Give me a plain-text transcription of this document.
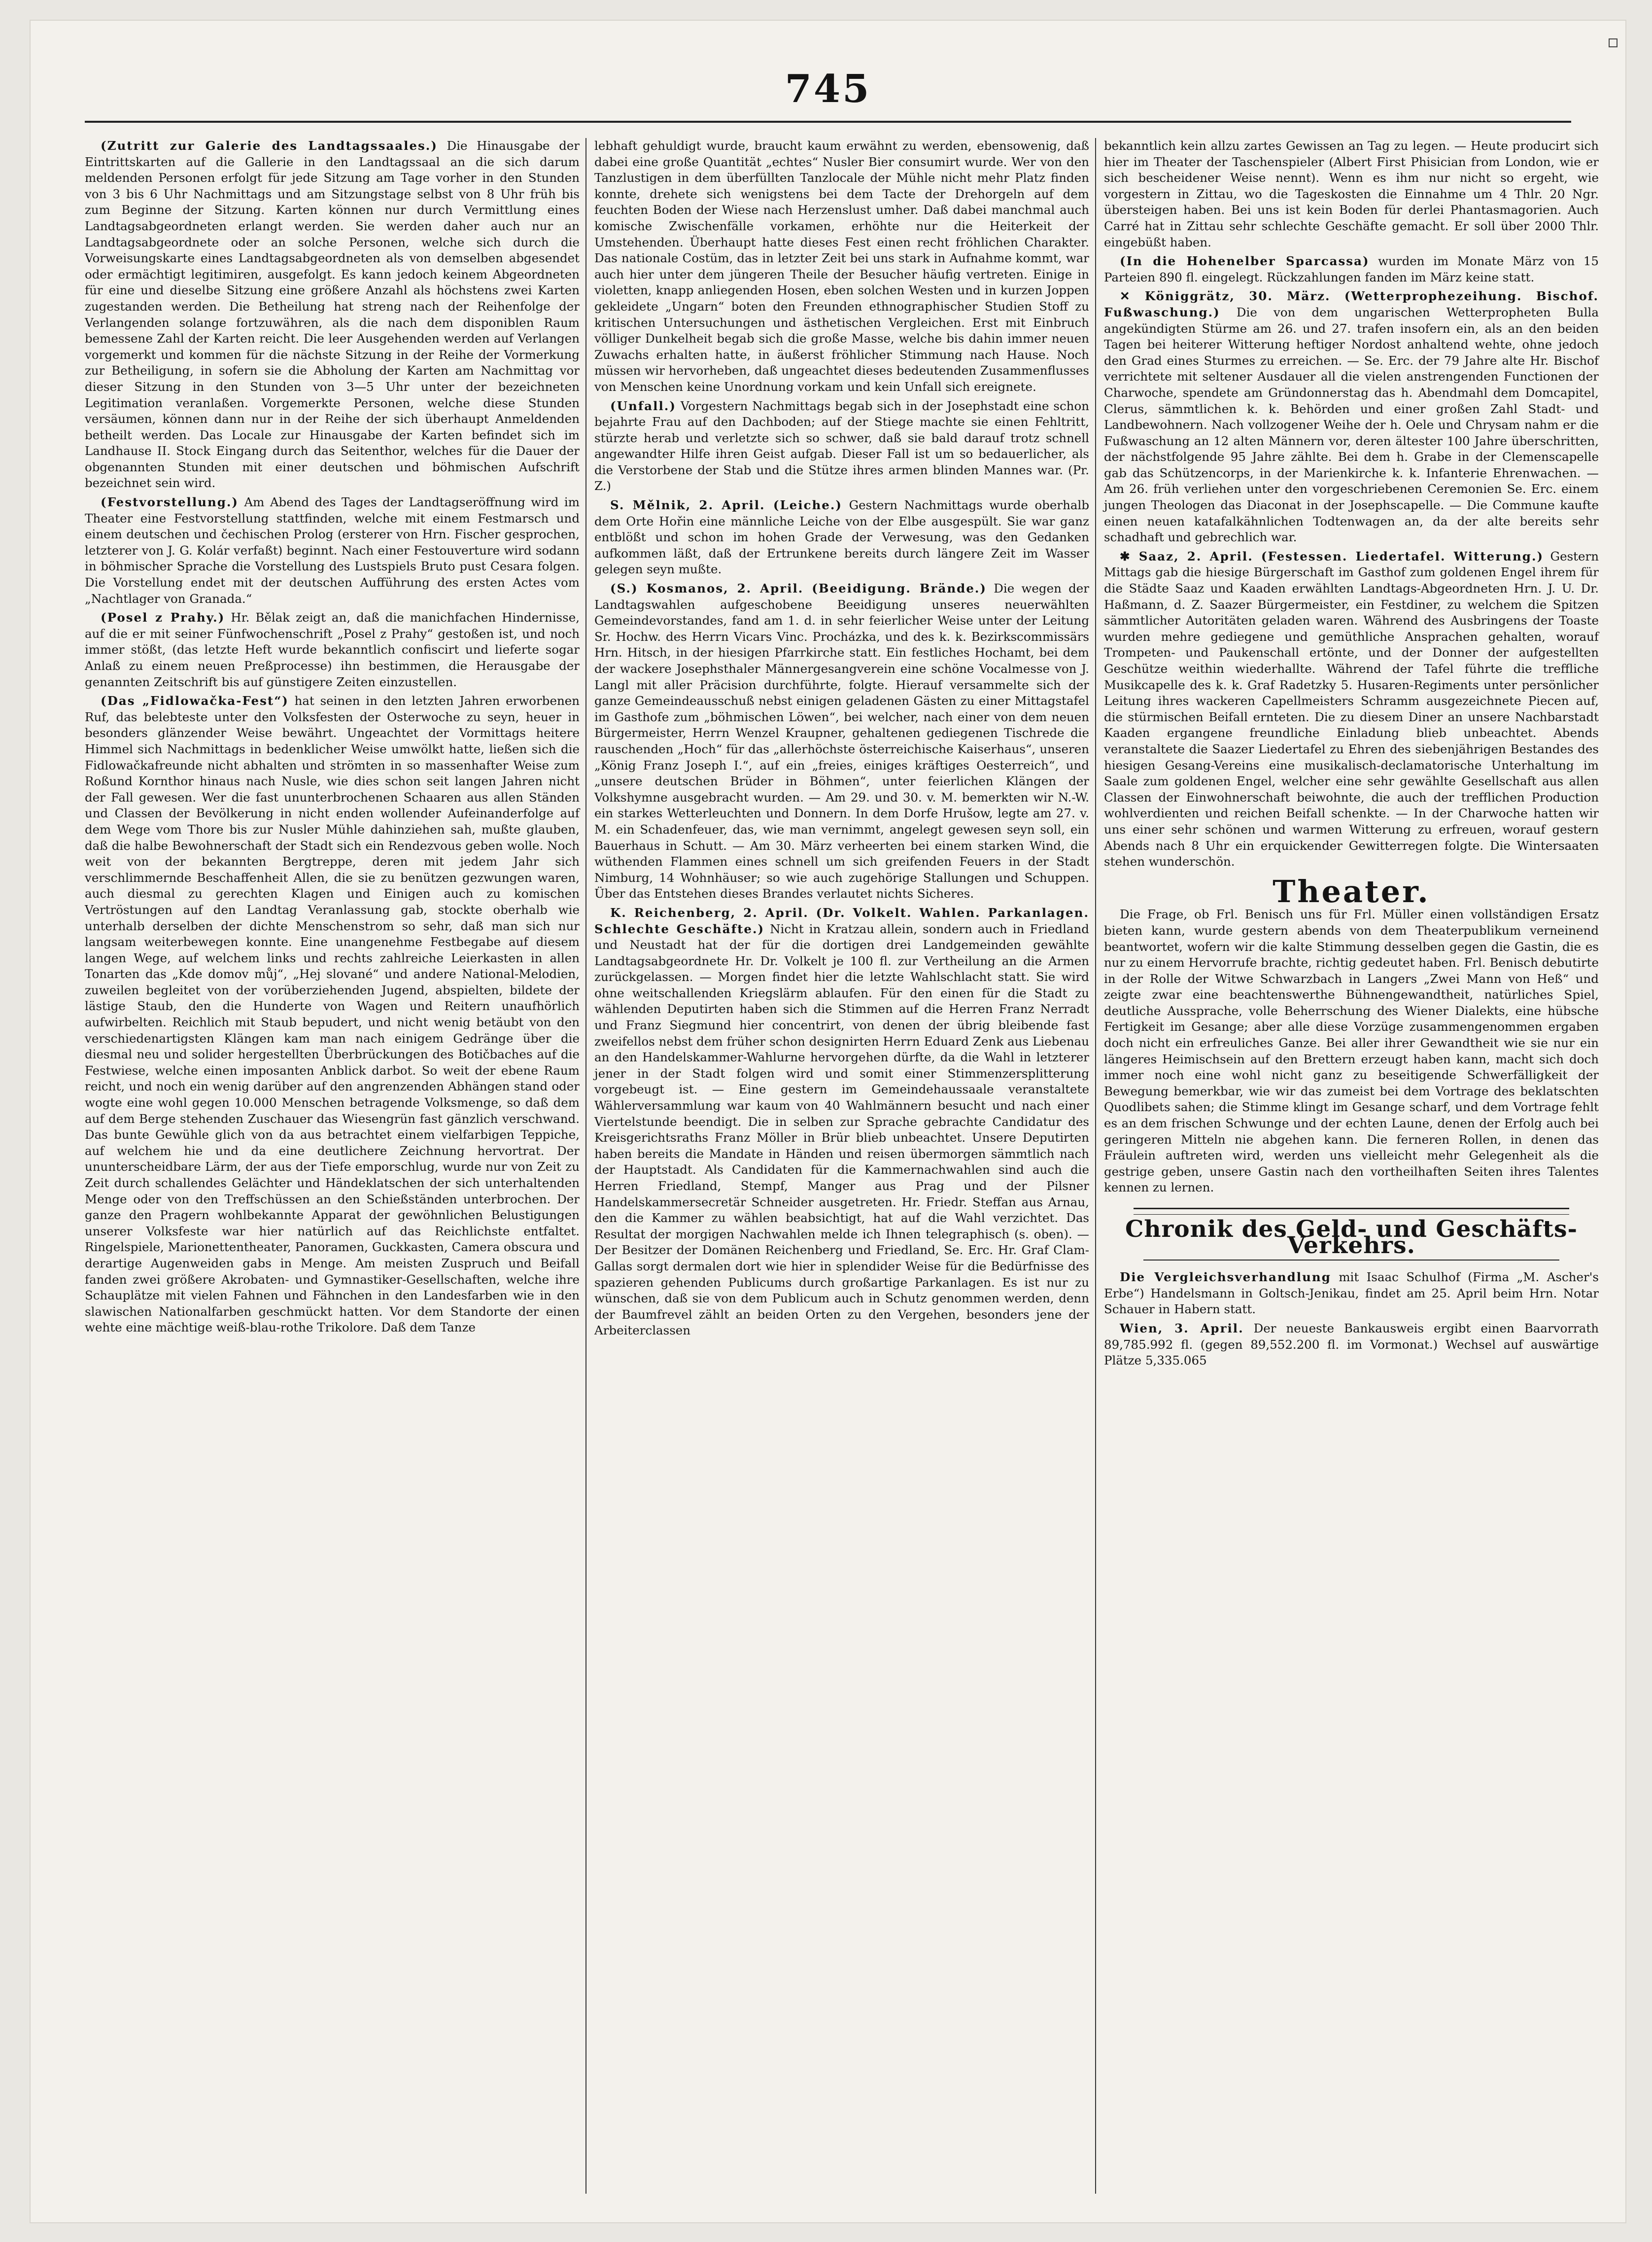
745

(Zutritt zur Galerie des Landtagssaales.) Die Hinausgabe der Eintrittskarten auf die Gallerie in den Landtagssaal an die sich darum meldenden Personen erfolgt für jede Sitzung am Tage vorher in den Stunden von 3 bis 6 Uhr Nachmittags und am Sitzungstage selbst von 8 Uhr früh bis zum Beginne der Sitzung. Karten können nur durch Vermittlung eines Landtagsabgeordneten erlangt werden. Sie werden daher auch nur an Landtagsabgeordnete oder an solche Personen, welche sich durch die Vorweisungskarte eines Landtagsabgeordneten als von demselben abgesendet oder ermächtigt legitimiren, ausgefolgt. Es kann jedoch keinem Abgeordneten für eine und dieselbe Sitzung eine größere Anzahl als höchstens zwei Karten zugestanden werden. Die Betheilung hat streng nach der Reihenfolge der Verlangenden solange fortzuwähren, als die nach dem disponiblen Raum bemessene Zahl der Karten reicht. Die leer Ausgehenden werden auf Verlangen vorgemerkt und kommen für die nächste Sitzung in der Reihe der Vormerkung zur Betheiligung, in sofern sie die Abholung der Karten am Nachmittag vor dieser Sitzung in den Stunden von 3—5 Uhr unter der bezeichneten Legitimation veranlaßen. Vorgemerkte Personen, welche diese Stunden versäumen, können dann nur in der Reihe der sich überhaupt Anmeldenden betheilt werden. Das Locale zur Hinausgabe der Karten befindet sich im Landhause II. Stock Eingang durch das Seitenthor, welches für die Dauer der obgenannten Stunden mit einer deutschen und böhmischen Aufschrift bezeichnet sein wird.

(Festvorstellung.) Am Abend des Tages der Landtagseröffnung wird im Theater eine Festvorstellung stattfinden, welche mit einem Festmarsch und einem deutschen und čechischen Prolog (ersterer von Hrn. Fischer gesprochen, letzterer von J. G. Kolár verfaßt) beginnt. Nach einer Festouverture wird sodann in böhmischer Sprache die Vorstellung des Lustspiels Bruto pust Cesara folgen. Die Vorstellung endet mit der deutschen Aufführung des ersten Actes vom „Nachtlager von Granada.“

(Posel z Prahy.) Hr. Bělak zeigt an, daß die manichfachen Hindernisse, auf die er mit seiner Fünfwochenschrift „Posel z Prahy“ gestoßen ist, und noch immer stößt, (das letzte Heft wurde bekanntlich confiscirt und lieferte sogar Anlaß zu einem neuen Preßprocesse) ihn bestimmen, die Herausgabe der genannten Zeitschrift bis auf günstigere Zeiten einzustellen.

(Das „Fidlowačka-Fest“) hat seinen in den letzten Jahren erworbenen Ruf, das belebteste unter den Volksfesten der Osterwoche zu seyn, heuer in besonders glänzender Weise bewährt. Ungeachtet der Vormittags heitere Himmel sich Nachmittags in bedenklicher Weise umwölkt hatte, ließen sich die Fidlowačkafreunde nicht abhalten und strömten in so massenhafter Weise zum Roßund Kornthor hinaus nach Nusle, wie dies schon seit langen Jahren nicht der Fall gewesen. Wer die fast ununterbrochenen Schaaren aus allen Ständen und Classen der Bevölkerung in nicht enden wollender Aufeinanderfolge auf dem Wege vom Thore bis zur Nusler Mühle dahinziehen sah, mußte glauben, daß die halbe Bewohnerschaft der Stadt sich ein Rendezvous geben wolle. Noch weit von der bekannten Bergtreppe, deren mit jedem Jahr sich verschlimmernde Beschaffenheit Allen, die sie zu benützen gezwungen waren, auch diesmal zu gerechten Klagen und Einigen auch zu komischen Vertröstungen auf den Landtag Veranlassung gab, stockte oberhalb wie unterhalb derselben der dichte Menschenstrom so sehr, daß man sich nur langsam weiterbewegen konnte. Eine unangenehme Festbegabe auf diesem langen Wege, auf welchem links und rechts zahlreiche Leierkasten in allen Tonarten das „Kde domov můj“, „Hej slované“ und andere National-Melodien, zuweilen begleitet von der vorüberziehenden Jugend, abspielten, bildete der lästige Staub, den die Hunderte von Wagen und Reitern unaufhörlich aufwirbelten. Reichlich mit Staub bepudert, und nicht wenig betäubt von den verschiedenartigsten Klängen kam man nach einigem Gedränge über die diesmal neu und solider hergestellten Überbrückungen des Botičbaches auf die Festwiese, welche einen imposanten Anblick darbot. So weit der ebene Raum reicht, und noch ein wenig darüber auf den angrenzenden Abhängen stand oder wogte eine wohl gegen 10.000 Menschen betragende Volksmenge, so daß dem auf dem Berge stehenden Zuschauer das Wiesengrün fast gänzlich verschwand. Das bunte Gewühle glich von da aus betrachtet einem vielfarbigen Teppiche, auf welchem hie und da eine deutlichere Zeichnung hervortrat. Der ununterscheidbare Lärm, der aus der Tiefe emporschlug, wurde nur von Zeit zu Zeit durch schallendes Gelächter und Händeklatschen der sich unterhaltenden Menge oder von den Treffschüssen an den Schießständen unterbrochen. Der ganze den Pragern wohlbekannte Apparat der gewöhnlichen Belustigungen unserer Volksfeste war hier natürlich auf das Reichlichste entfaltet. Ringelspiele, Marionettentheater, Panoramen, Guckkasten, Camera obscura und derartige Augenweiden gabs in Menge. Am meisten Zuspruch und Beifall fanden zwei größere Akrobaten- und Gymnastiker-Gesellschaften, welche ihre Schauplätze mit vielen Fahnen und Fähnchen in den Landesfarben wie in den slawischen Nationalfarben geschmückt hatten. Vor dem Standorte der einen wehte eine mächtige weiß-blau-rothe Trikolore. Daß dem Tanze

lebhaft gehuldigt wurde, braucht kaum erwähnt zu werden, ebensowenig, daß dabei eine große Quantität „echtes“ Nusler Bier consumirt wurde. Wer von den Tanzlustigen in dem überfüllten Tanzlocale der Mühle nicht mehr Platz finden konnte, drehete sich wenigstens bei dem Tacte der Drehorgeln auf dem feuchten Boden der Wiese nach Herzenslust umher. Daß dabei manchmal auch komische Zwischenfälle vorkamen, erhöhte nur die Heiterkeit der Umstehenden. Überhaupt hatte dieses Fest einen recht fröhlichen Charakter. Das nationale Costüm, das in letzter Zeit bei uns stark in Aufnahme kommt, war auch hier unter dem jüngeren Theile der Besucher häufig vertreten. Einige in violetten, knapp anliegenden Hosen, eben solchen Westen und in kurzen Joppen gekleidete „Ungarn“ boten den Freunden ethnographischer Studien Stoff zu kritischen Untersuchungen und ästhetischen Vergleichen. Erst mit Einbruch völliger Dunkelheit begab sich die große Masse, welche bis dahin immer neuen Zuwachs erhalten hatte, in äußerst fröhlicher Stimmung nach Hause. Noch müssen wir hervorheben, daß ungeachtet dieses bedeutenden Zusammenflusses von Menschen keine Unordnung vorkam und kein Unfall sich ereignete.

(Unfall.) Vorgestern Nachmittags begab sich in der Josephstadt eine schon bejahrte Frau auf den Dachboden; auf der Stiege machte sie einen Fehltritt, stürzte herab und verletzte sich so schwer, daß sie bald darauf trotz schnell angewandter Hilfe ihren Geist aufgab. Dieser Fall ist um so bedauerlicher, als die Verstorbene der Stab und die Stütze ihres armen blinden Mannes war. (Pr. Z.)

S. Mělnik, 2. April. (Leiche.) Gestern Nachmittags wurde oberhalb dem Orte Hořin eine männliche Leiche von der Elbe ausgespült. Sie war ganz entblößt und schon im hohen Grade der Verwesung, was den Gedanken aufkommen läßt, daß der Ertrunkene bereits durch längere Zeit im Wasser gelegen seyn mußte.

(S.) Kosmanos, 2. April. (Beeidigung. Brände.) Die wegen der Landtagswahlen aufgeschobene Beeidigung unseres neuerwählten Gemeindevorstandes, fand am 1. d. in sehr feierlicher Weise unter der Leitung Sr. Hochw. des Herrn Vicars Vinc. Procházka, und des k. k. Bezirkscommissärs Hrn. Hitsch, in der hiesigen Pfarrkirche statt. Ein festliches Hochamt, bei dem der wackere Josephsthaler Männergesangverein eine schöne Vocalmesse von J. Langl mit aller Präcision durchführte, folgte. Hierauf versammelte sich der ganze Gemeindeausschuß nebst einigen geladenen Gästen zu einer Mittagstafel im Gasthofe zum „böhmischen Löwen“, bei welcher, nach einer von dem neuen Bürgermeister, Herrn Wenzel Kraupner, gehaltenen gediegenen Tischrede die rauschenden „Hoch“ für das „allerhöchste österreichische Kaiserhaus“, unseren „König Franz Joseph I.“, auf ein „freies, einiges kräftiges Oesterreich“, und „unsere deutschen Brüder in Böhmen“, unter feierlichen Klängen der Volkshymne ausgebracht wurden. — Am 29. und 30. v. M. bemerkten wir N.-W. ein starkes Wetterleuchten und Donnern. In dem Dorfe Hrušow, legte am 27. v. M. ein Schadenfeuer, das, wie man vernimmt, angelegt gewesen seyn soll, ein Bauerhaus in Schutt. — Am 30. März verheerten bei einem starken Wind, die wüthenden Flammen eines schnell um sich greifenden Feuers in der Stadt Nimburg, 14 Wohnhäuser; so wie auch zugehörige Stallungen und Schuppen. Über das Entstehen dieses Brandes verlautet nichts Sicheres.

K. Reichenberg, 2. April. (Dr. Volkelt. Wahlen. Parkanlagen. Schlechte Geschäfte.) Nicht in Kratzau allein, sondern auch in Friedland und Neustadt hat der für die dortigen drei Landgemeinden gewählte Landtagsabgeordnete Hr. Dr. Volkelt je 100 fl. zur Vertheilung an die Armen zurückgelassen. — Morgen findet hier die letzte Wahlschlacht statt. Sie wird ohne weitschallenden Kriegslärm ablaufen. Für den einen für die Stadt zu wählenden Deputirten haben sich die Stimmen auf die Herren Franz Nerradt und Franz Siegmund hier concentrirt, von denen der übrig bleibende fast zweifellos nebst dem früher schon designirten Herrn Eduard Zenk aus Liebenau an den Handelskammer-Wahlurne hervorgehen dürfte, da die Wahl in letzterer jener in der Stadt folgen wird und somit einer Stimmenzersplitterung vorgebeugt ist. — Eine gestern im Gemeindehaussaale veranstaltete Wählerversammlung war kaum von 40 Wahlmännern besucht und nach einer Viertelstunde beendigt. Die in selben zur Sprache gebrachte Candidatur des Kreisgerichtsraths Franz Möller in Brür blieb unbeachtet. Unsere Deputirten haben bereits die Mandate in Händen und reisen übermorgen sämmtlich nach der Hauptstadt. Als Candidaten für die Kammernachwahlen sind auch die Herren Friedland, Stempf, Manger aus Prag und der Pilsner Handelskammersecretär Schneider ausgetreten. Hr. Friedr. Steffan aus Arnau, den die Kammer zu wählen beabsichtigt, hat auf die Wahl verzichtet. Das Resultat der morgigen Nachwahlen melde ich Ihnen telegraphisch (s. oben). — Der Besitzer der Domänen Reichenberg und Friedland, Se. Erc. Hr. Graf Clam-Gallas sorgt dermalen dort wie hier in splendider Weise für die Bedürfnisse des spazieren gehenden Publicums durch großartige Parkanlagen. Es ist nur zu wünschen, daß sie von dem Publicum auch in Schutz genommen werden, denn der Baumfrevel zählt an beiden Orten zu den Vergehen, besonders jene der Arbeiterclassen

bekanntlich kein allzu zartes Gewissen an Tag zu legen. — Heute producirt sich hier im Theater der Taschenspieler (Albert First Phisician from London, wie er sich bescheidener Weise nennt). Wenn es ihm nur nicht so ergeht, wie vorgestern in Zittau, wo die Tageskosten die Einnahme um 4 Thlr. 20 Ngr. übersteigen haben. Bei uns ist kein Boden für derlei Phantasmagorien. Auch Carré hat in Zittau sehr schlechte Geschäfte gemacht. Er soll über 2000 Thlr. eingebüßt haben.

(In die Hohenelber Sparcassa) wurden im Monate März von 15 Parteien 890 fl. eingelegt. Rückzahlungen fanden im März keine statt.

✕ Königgrätz, 30. März. (Wetterprophezeihung. Bischof. Fußwaschung.) Die von dem ungarischen Wetterpropheten Bulla angekündigten Stürme am 26. und 27. trafen insofern ein, als an den beiden Tagen bei heiterer Witterung heftiger Nordost anhaltend wehte, ohne jedoch den Grad eines Sturmes zu erreichen. — Se. Erc. der 79 Jahre alte Hr. Bischof verrichtete mit seltener Ausdauer all die vielen anstrengenden Functionen der Charwoche, spendete am Gründonnerstag das h. Abendmahl dem Domcapitel, Clerus, sämmtlichen k. k. Behörden und einer großen Zahl Stadt- und Landbewohnern. Nach vollzogener Weihe der h. Oele und Chrysam nahm er die Fußwaschung an 12 alten Männern vor, deren ältester 100 Jahre überschritten, der nächstfolgende 95 Jahre zählte. Bei dem h. Grabe in der Clemenscapelle gab das Schützencorps, in der Marienkirche k. k. Infanterie Ehrenwachen. — Am 26. früh verliehen unter den vorgeschriebenen Ceremonien Se. Erc. einem jungen Theologen das Diaconat in der Josephscapelle. — Die Commune kaufte einen neuen katafalkähnlichen Todtenwagen an, da der alte bereits sehr schadhaft und gebrechlich war.

✱ Saaz, 2. April. (Festessen. Liedertafel. Witterung.) Gestern Mittags gab die hiesige Bürgerschaft im Gasthof zum goldenen Engel ihrem für die Städte Saaz und Kaaden erwählten Landtags-Abgeordneten Hrn. J. U. Dr. Haßmann, d. Z. Saazer Bürgermeister, ein Festdiner, zu welchem die Spitzen sämmtlicher Autoritäten geladen waren. Während des Ausbringens der Toaste wurden mehre gediegene und gemüthliche Ansprachen gehalten, worauf Trompeten- und Paukenschall ertönte, und der Donner der aufgestellten Geschütze weithin wiederhallte. Während der Tafel führte die treffliche Musikcapelle des k. k. Graf Radetzky 5. Husaren-Regiments unter persönlicher Leitung ihres wackeren Capellmeisters Schramm ausgezeichnete Piecen auf, die stürmischen Beifall ernteten. Die zu diesem Diner an unsere Nachbarstadt Kaaden ergangene freundliche Einladung blieb unbeachtet. Abends veranstaltete die Saazer Liedertafel zu Ehren des siebenjährigen Bestandes des hiesigen Gesang-Vereins eine musikalisch-declamatorische Unterhaltung im Saale zum goldenen Engel, welcher eine sehr gewählte Gesellschaft aus allen Classen der Einwohnerschaft beiwohnte, die auch der trefflichen Production wohlverdienten und reichen Beifall schenkte. — In der Charwoche hatten wir uns einer sehr schönen und warmen Witterung zu erfreuen, worauf gestern Abends nach 8 Uhr ein erquickender Gewitterregen folgte. Die Wintersaaten stehen wunderschön.

Theater.

Die Frage, ob Frl. Benisch uns für Frl. Müller einen vollständigen Ersatz bieten kann, wurde gestern abends von dem Theaterpublikum verneinend beantwortet, wofern wir die kalte Stimmung desselben gegen die Gastin, die es nur zu einem Hervorrufe brachte, richtig gedeutet haben. Frl. Benisch debutirte in der Rolle der Witwe Schwarzbach in Langers „Zwei Mann von Heß“ und zeigte zwar eine beachtenswerthe Bühnengewandtheit, natürliches Spiel, deutliche Aussprache, volle Beherrschung des Wiener Dialekts, eine hübsche Fertigkeit im Gesange; aber alle diese Vorzüge zusammengenommen ergaben doch nicht ein erfreuliches Ganze. Bei aller ihrer Gewandtheit wie sie nur ein längeres Heimischsein auf den Brettern erzeugt haben kann, macht sich doch immer noch eine wohl nicht ganz zu beseitigende Schwerfälligkeit der Bewegung bemerkbar, wie wir das zumeist bei dem Vortrage des beklatschten Quodlibets sahen; die Stimme klingt im Gesange scharf, und dem Vortrage fehlt es an dem frischen Schwunge und der echten Laune, denen der Erfolg auch bei geringeren Mitteln nie abgehen kann. Die ferneren Rollen, in denen das Fräulein auftreten wird, werden uns vielleicht mehr Gelegenheit als die gestrige geben, unsere Gastin nach den vortheilhaften Seiten ihres Talentes kennen zu lernen.

Chronik des Geld- und Geschäfts-Verkehrs.

Die Vergleichsverhandlung mit Isaac Schulhof (Firma „M. Ascher's Erbe“) Handelsmann in Goltsch-Jenikau, findet am 25. April beim Hrn. Notar Schauer in Habern statt.

Wien, 3. April. Der neueste Bankausweis ergibt einen Baarvorrath 89,785.992 fl. (gegen 89,552.200 fl. im Vormonat.) Wechsel auf auswärtige Plätze 5,335.065
